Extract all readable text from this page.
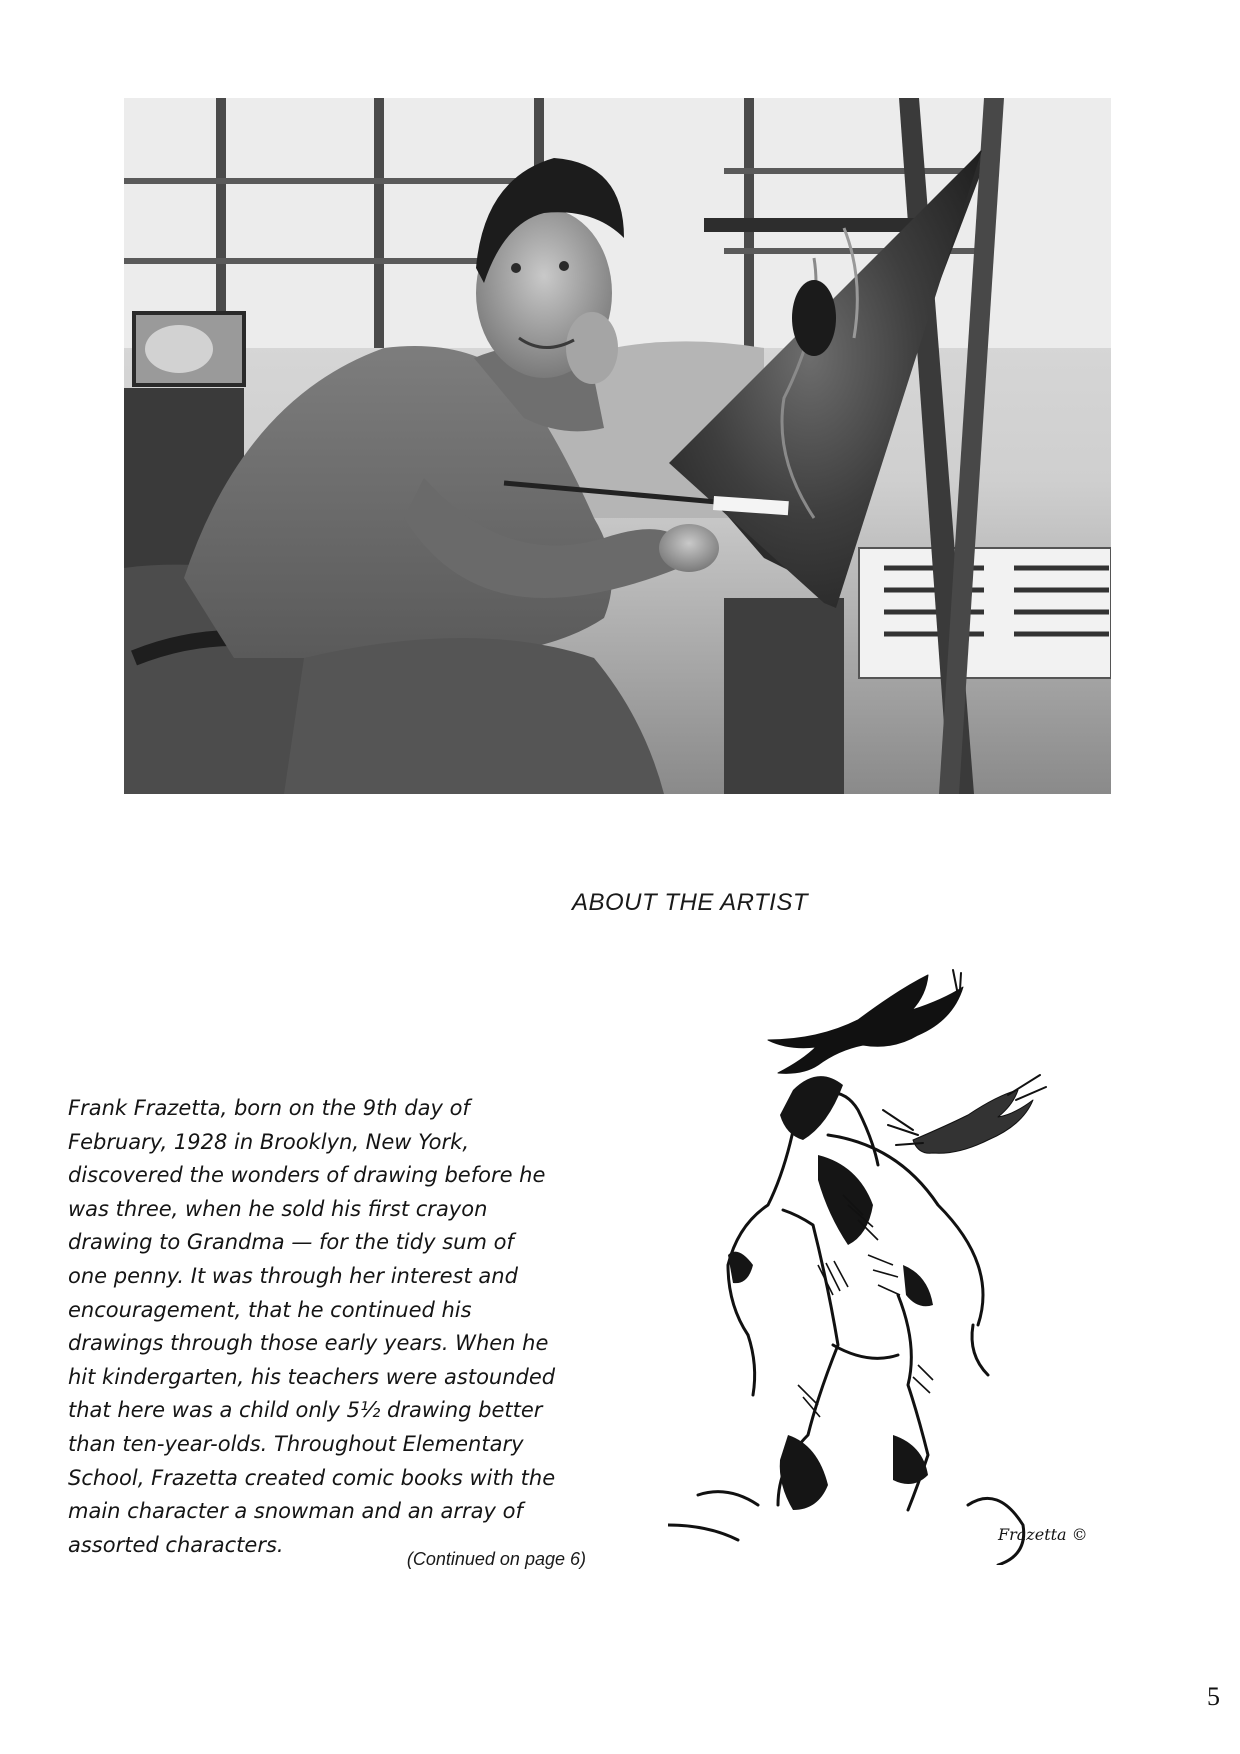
ABOUT THE ARTIST

Frank Frazetta, born on the 9th day of
February, 1928 in Brooklyn, New York,
discovered the wonders of drawing before he
was three, when he sold his first crayon
drawing to Grandma — for the tidy sum of
one penny. It was through her interest and
encouragement, that he continued his
drawings through those early years. When he
hit kindergarten, his teachers were astounded
that here was a child only 5½ drawing better
than ten-year-olds. Throughout Elementary
School, Frazetta created comic books with the
main character a snowman and an array of
assorted characters.

(Continued on page 6)
Frazetta ©
5
